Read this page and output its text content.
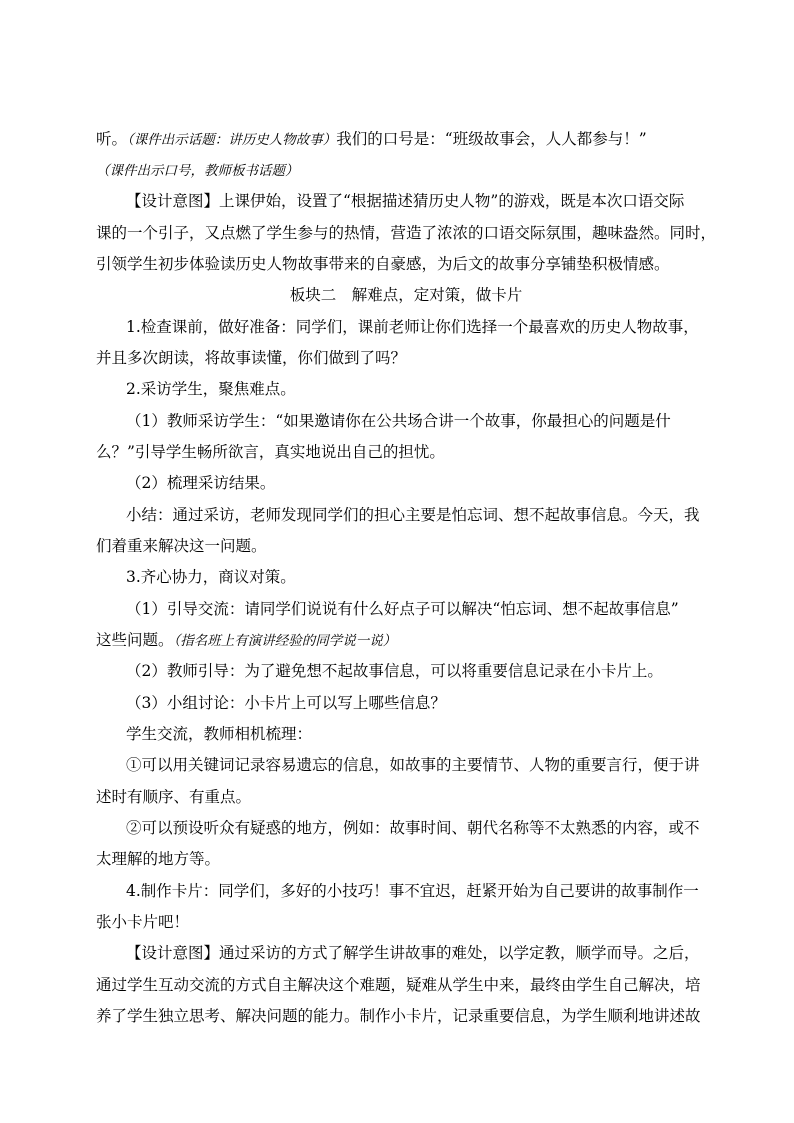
听。（课件出示话题：讲历史人物故事）我们的口号是：“班级故事会，人人都参与！”
（课件出示口号，教师板书话题）
【设计意图】上课伊始，设置了“根据描述猜历史人物”的游戏，既是本次口语交际
课的一个引子，又点燃了学生参与的热情，营造了浓浓的口语交际氛围，趣味盎然。同时，
引领学生初步体验读历史人物故事带来的自豪感，为后文的故事分享铺垫积极情感。
板块二　解难点，定对策，做卡片
1.检查课前，做好准备：同学们，课前老师让你们选择一个最喜欢的历史人物故事，
并且多次朗读，将故事读懂，你们做到了吗？
2.采访学生，聚焦难点。
（1）教师采访学生：“如果邀请你在公共场合讲一个故事，你最担心的问题是什
么？”引导学生畅所欲言，真实地说出自己的担忧。
（2）梳理采访结果。
小结：通过采访，老师发现同学们的担心主要是怕忘词、想不起故事信息。今天，我
们着重来解决这一问题。
3.齐心协力，商议对策。
（1）引导交流：请同学们说说有什么好点子可以解决“怕忘词、想不起故事信息”
这些问题。（指名班上有演讲经验的同学说一说）
（2）教师引导：为了避免想不起故事信息，可以将重要信息记录在小卡片上。
（3）小组讨论：小卡片上可以写上哪些信息？
学生交流，教师相机梳理：
①可以用关键词记录容易遗忘的信息，如故事的主要情节、人物的重要言行，便于讲
述时有顺序、有重点。
②可以预设听众有疑惑的地方，例如：故事时间、朝代名称等不太熟悉的内容，或不
太理解的地方等。
4.制作卡片：同学们，多好的小技巧！事不宜迟，赶紧开始为自己要讲的故事制作一
张小卡片吧！
【设计意图】通过采访的方式了解学生讲故事的难处，以学定教，顺学而导。之后，
通过学生互动交流的方式自主解决这个难题，疑难从学生中来，最终由学生自己解决，培
养了学生独立思考、解决问题的能力。制作小卡片，记录重要信息，为学生顺利地讲述故
